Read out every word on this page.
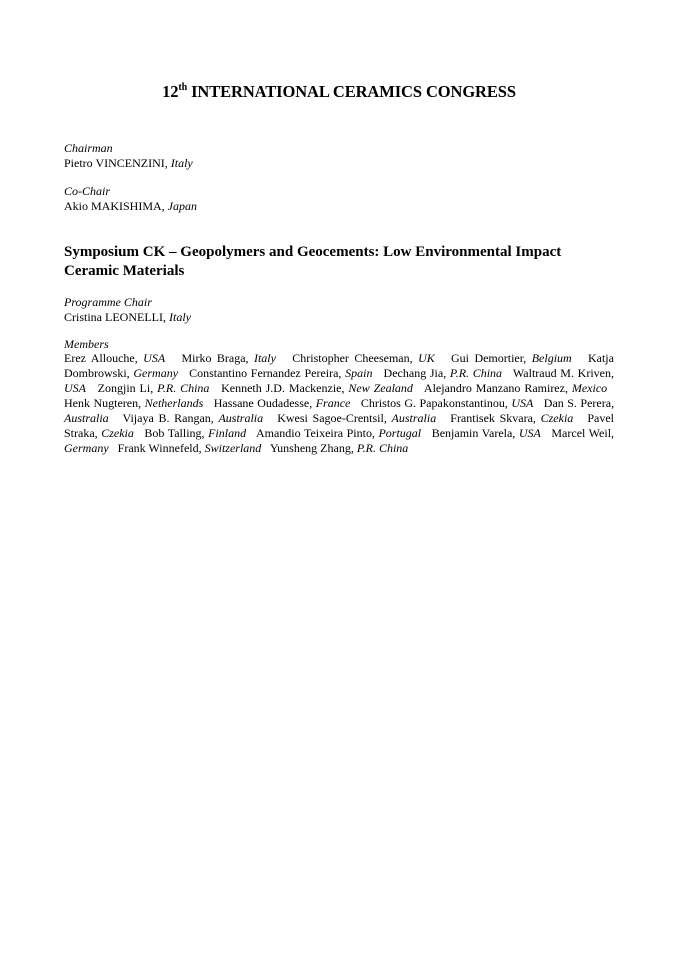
12th INTERNATIONAL CERAMICS CONGRESS
Chairman
Pietro VINCENZINI, Italy
Co-Chair
Akio MAKISHIMA, Japan
Symposium CK – Geopolymers and Geocements: Low Environmental Impact Ceramic Materials
Programme Chair
Cristina LEONELLI, Italy
Members
Erez Allouche, USA Mirko Braga, Italy Christopher Cheeseman, UK Gui Demortier, Belgium Katja Dombrowski, Germany Constantino Fernandez Pereira, Spain Dechang Jia, P.R. China Waltraud M. Kriven, USA Zongjin Li, P.R. China Kenneth J.D. Mackenzie, New Zealand Alejandro Manzano Ramirez, Mexico   Henk Nugteren, Netherlands Hassane Oudadesse, France Christos G. Papakonstantinou, USA Dan S. Perera, Australia Vijaya B. Rangan, Australia Kwesi Sagoe-Crentsil, Australia Frantisek Skvara, Czekia Pavel Straka, Czekia Bob Talling, Finland Amandio Teixeira Pinto, Portugal Benjamin Varela, USA Marcel Weil, Germany Frank Winnefeld, Switzerland Yunsheng Zhang, P.R. China
